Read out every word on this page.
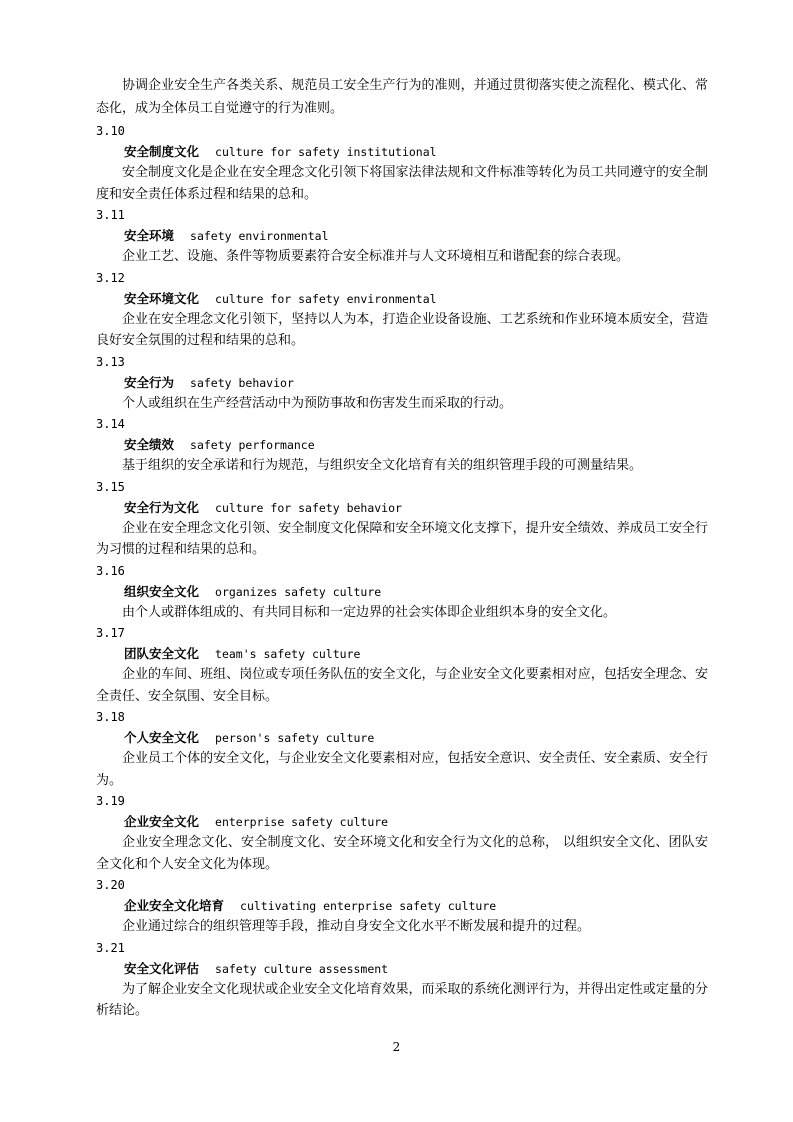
协调企业安全生产各类关系、规范员工安全生产行为的准则，并通过贯彻落实使之流程化、模式化、常态化，成为全体员工自觉遵守的行为准则。

3.10
安全制度文化 culture for safety institutional

安全制度文化是企业在安全理念文化引领下将国家法律法规和文件标准等转化为员工共同遵守的安全制度和安全责任体系过程和结果的总和。

3.11
安全环境 safety environmental

企业工艺、设施、条件等物质要素符合安全标准并与人文环境相互和谐配套的综合表现。

3.12
安全环境文化 culture for safety environmental

企业在安全理念文化引领下，坚持以人为本，打造企业设备设施、工艺系统和作业环境本质安全，营造良好安全氛围的过程和结果的总和。

3.13
安全行为 safety behavior

个人或组织在生产经营活动中为预防事故和伤害发生而采取的行动。

3.14
安全绩效 safety performance

基于组织的安全承诺和行为规范，与组织安全文化培育有关的组织管理手段的可测量结果。

3.15
安全行为文化 culture for safety behavior

企业在安全理念文化引领、安全制度文化保障和安全环境文化支撑下，提升安全绩效、养成员工安全行为习惯的过程和结果的总和。

3.16
组织安全文化 organizes safety culture

由个人或群体组成的、有共同目标和一定边界的社会实体即企业组织本身的安全文化。

3.17
团队安全文化 team's safety culture

企业的车间、班组、岗位或专项任务队伍的安全文化，与企业安全文化要素相对应，包括安全理念、安全责任、安全氛围、安全目标。

3.18
个人安全文化 person's safety culture

企业员工个体的安全文化，与企业安全文化要素相对应，包括安全意识、安全责任、安全素质、安全行为。

3.19
企业安全文化 enterprise safety culture

企业安全理念文化、安全制度文化、安全环境文化和安全行为文化的总称， 以组织安全文化、团队安全文化和个人安全文化为体现。

3.20
企业安全文化培育 cultivating enterprise safety culture

企业通过综合的组织管理等手段，推动自身安全文化水平不断发展和提升的过程。

3.21
安全文化评估 safety culture assessment

为了解企业安全文化现状或企业安全文化培育效果，而采取的系统化测评行为，并得出定性或定量的分析结论。

2
